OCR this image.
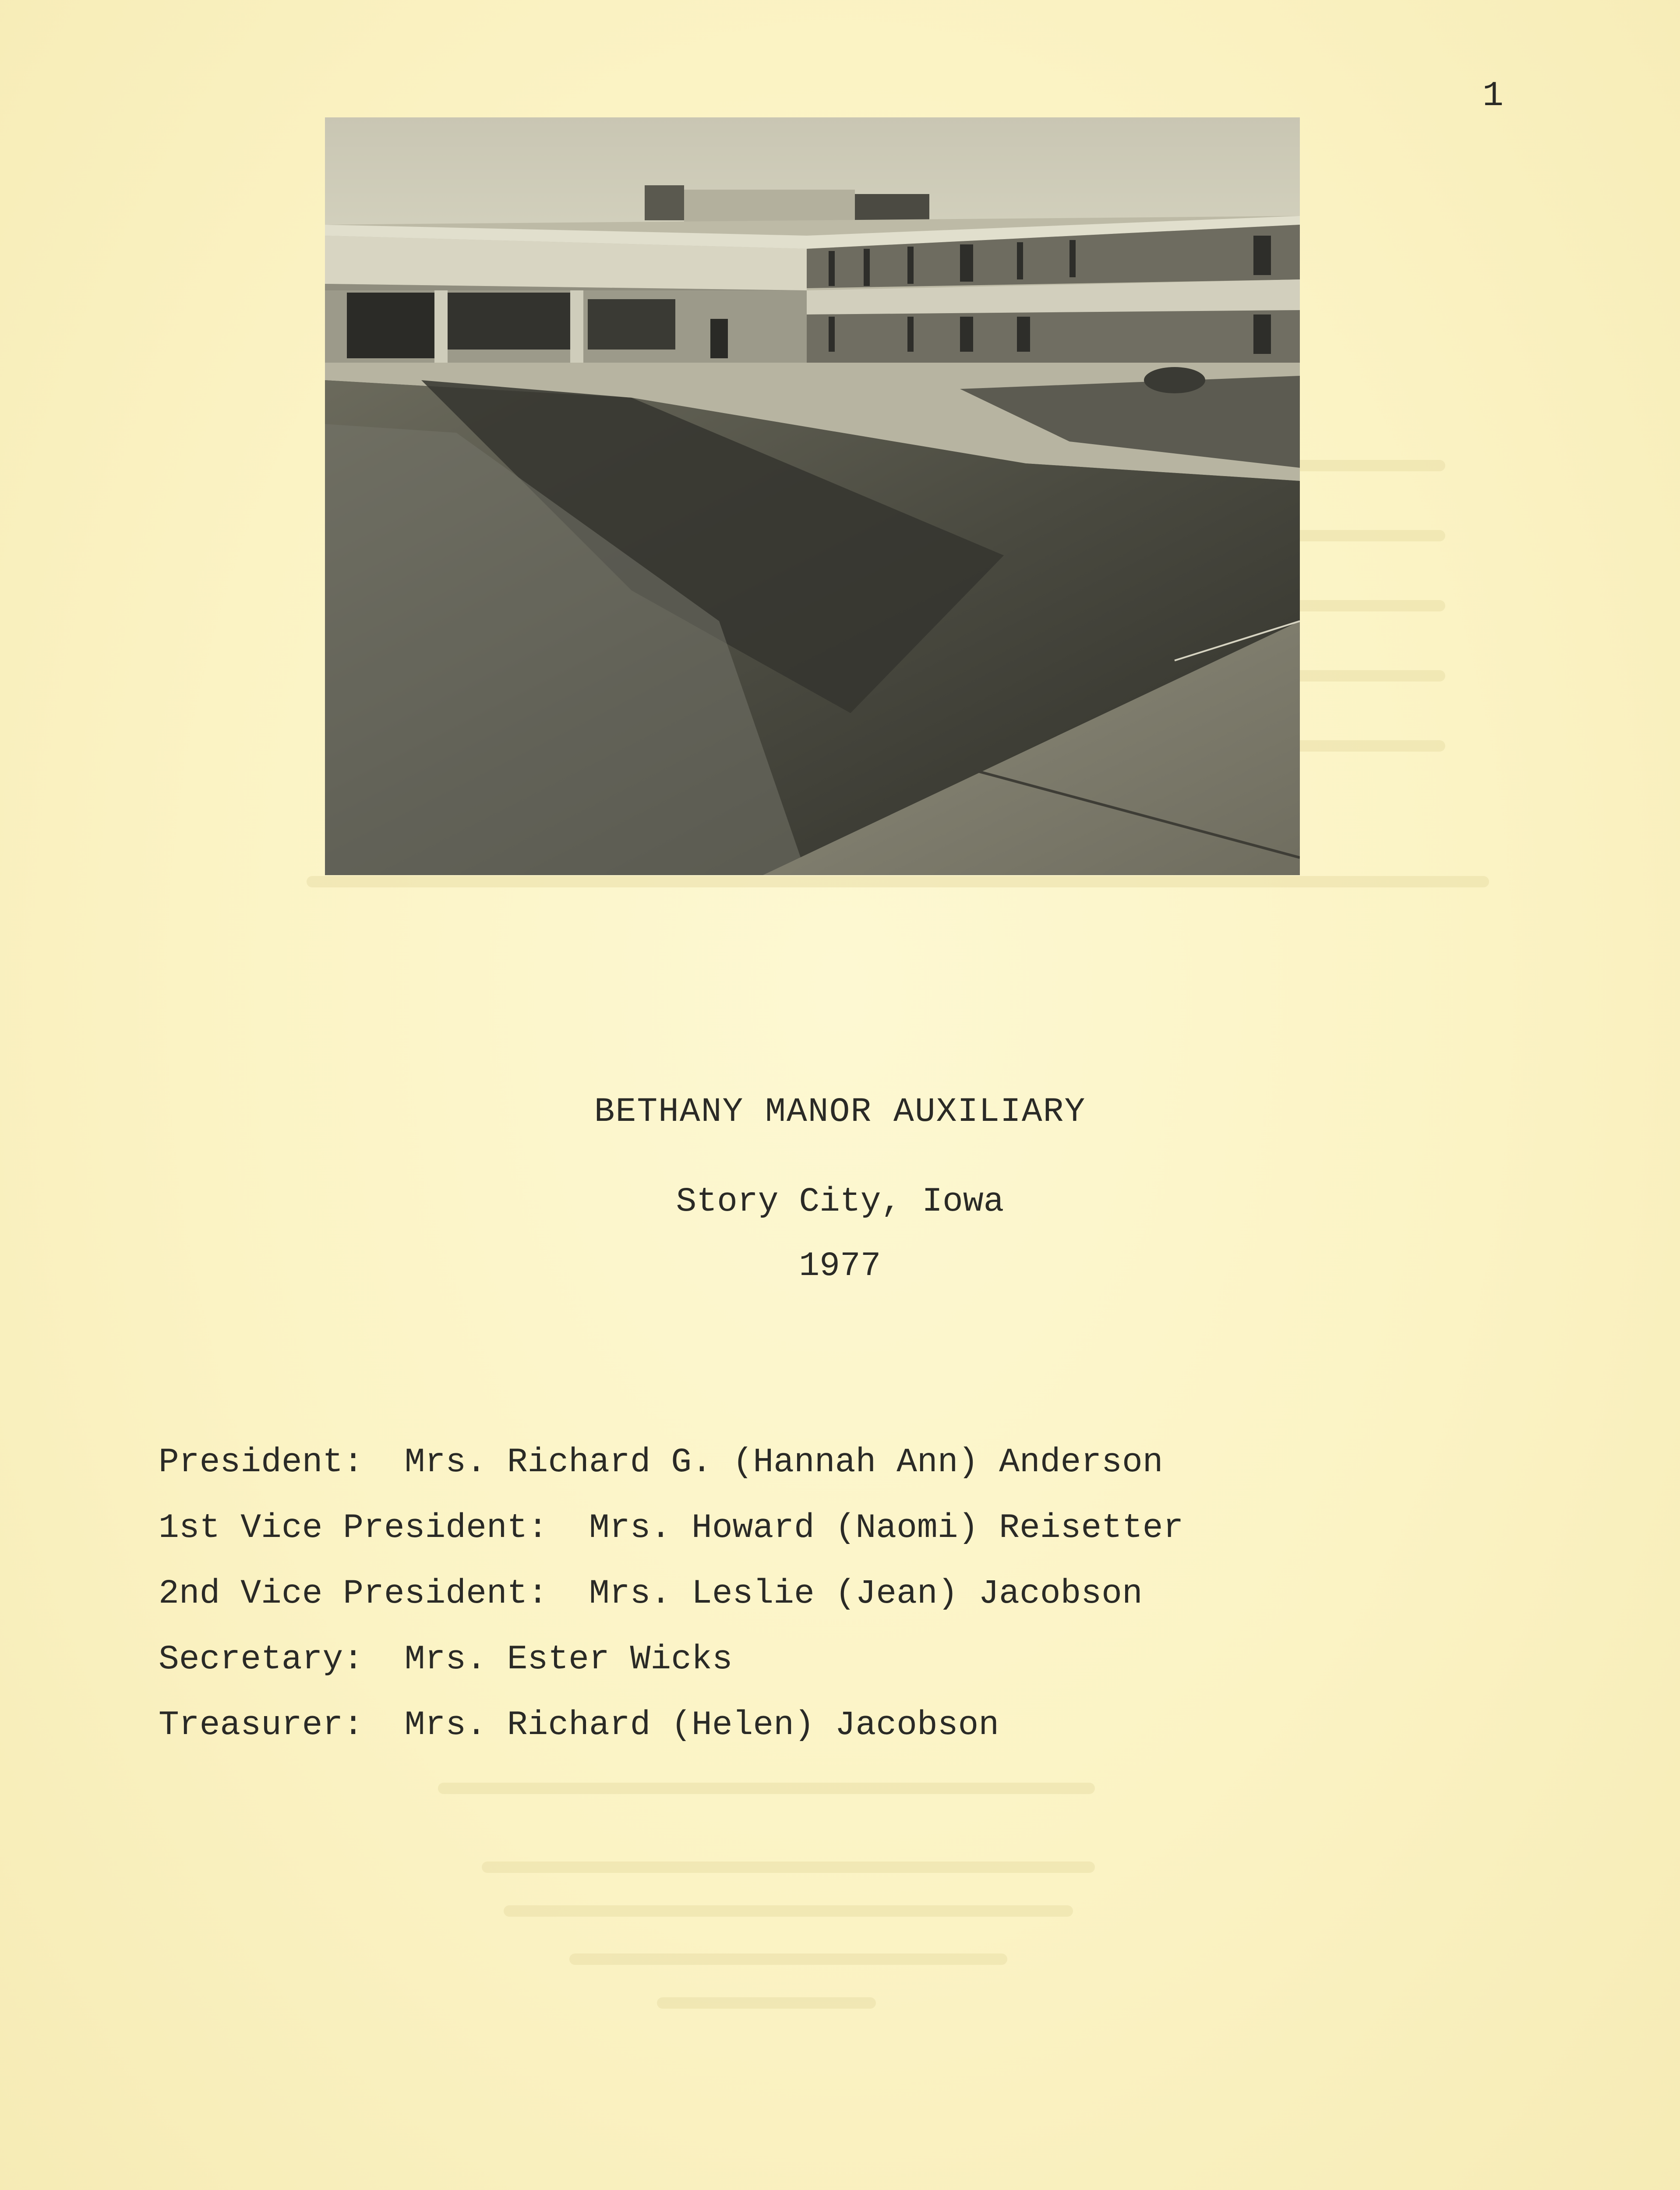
1
BETHANY MANOR AUXILIARY
Story City, Iowa
1977
President: Mrs. Richard G. (Hannah Ann) Anderson
1st Vice President: Mrs. Howard (Naomi) Reisetter
2nd Vice President: Mrs. Leslie (Jean) Jacobson
Secretary: Mrs. Ester Wicks
Treasurer: Mrs. Richard (Helen) Jacobson
